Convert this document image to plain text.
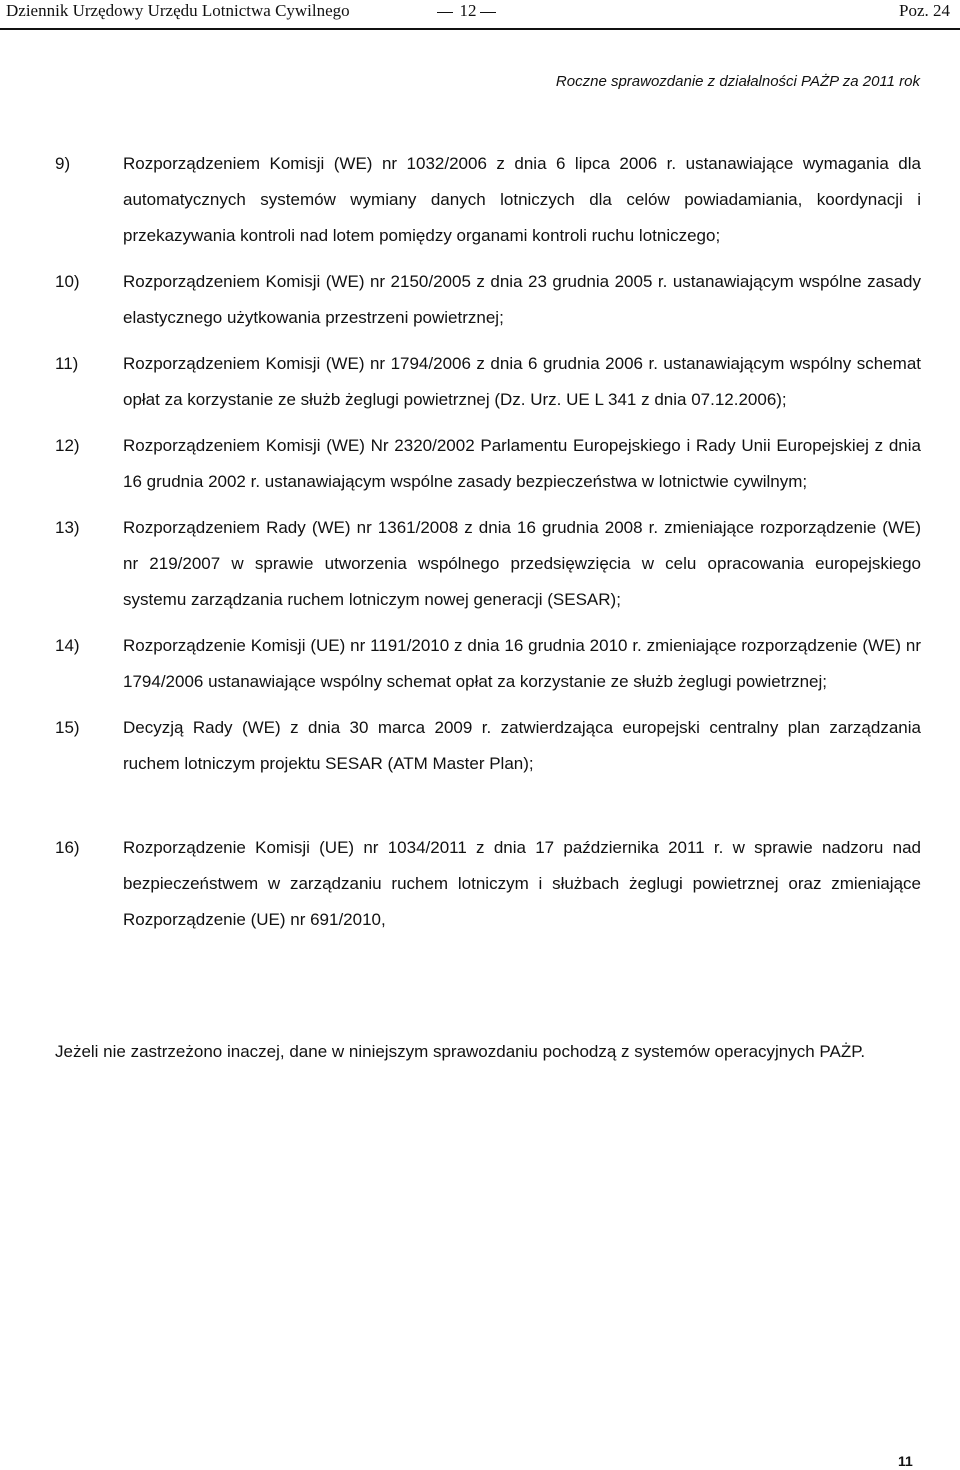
Dziennik Urzędowy Urzędu Lotnictwa Cywilnego	12	Poz. 24
Roczne sprawozdanie z działalności PAŻP za 2011 rok
9)	Rozporządzeniem Komisji (WE) nr 1032/2006 z dnia 6 lipca 2006 r. ustanawiające wymagania dla automatycznych systemów wymiany danych lotniczych dla celów powiadamiania, koordynacji i przekazywania kontroli nad lotem pomiędzy organami kontroli ruchu lotniczego;
10)	Rozporządzeniem Komisji (WE) nr 2150/2005 z dnia 23 grudnia 2005 r. ustanawiającym wspólne zasady elastycznego użytkowania przestrzeni powietrznej;
11)	Rozporządzeniem Komisji (WE) nr 1794/2006 z dnia 6 grudnia 2006 r. ustanawiającym wspólny schemat opłat za korzystanie ze służb żeglugi powietrznej (Dz. Urz. UE L 341 z dnia 07.12.2006);
12)	Rozporządzeniem Komisji (WE) Nr 2320/2002 Parlamentu Europejskiego i Rady Unii Europejskiej z dnia 16 grudnia 2002 r. ustanawiającym wspólne zasady bezpieczeństwa w lotnictwie cywilnym;
13)	Rozporządzeniem Rady (WE) nr 1361/2008 z dnia 16 grudnia 2008 r. zmieniające rozporządzenie (WE) nr 219/2007 w sprawie utworzenia wspólnego przedsięwzięcia w celu opracowania europejskiego systemu zarządzania ruchem lotniczym nowej generacji (SESAR);
14)	Rozporządzenie Komisji (UE) nr 1191/2010 z dnia 16 grudnia 2010 r. zmieniające rozporządzenie (WE) nr 1794/2006 ustanawiające wspólny schemat opłat za korzystanie ze służb żeglugi powietrznej;
15)	Decyzją Rady (WE) z dnia 30 marca 2009 r. zatwierdzająca europejski centralny plan zarządzania ruchem lotniczym projektu SESAR (ATM Master Plan);
16)	Rozporządzenie Komisji (UE) nr 1034/2011 z dnia 17 października 2011 r. w sprawie nadzoru nad bezpieczeństwem w zarządzaniu ruchem lotniczym i służbach żeglugi powietrznej oraz zmieniające Rozporządzenie (UE) nr 691/2010,
Jeżeli nie zastrzeżono inaczej, dane w niniejszym sprawozdaniu pochodzą z systemów operacyjnych PAŻP.
11
